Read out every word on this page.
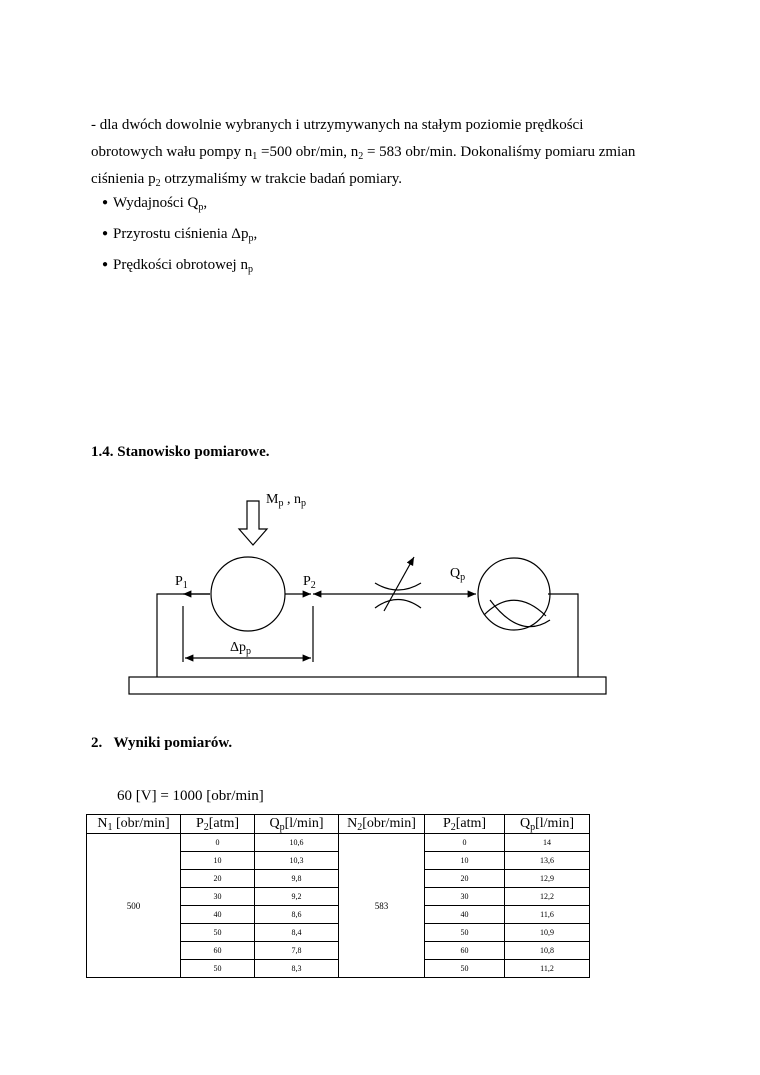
- dla dwóch dowolnie wybranych i utrzymywanych na stałym poziomie prędkości
obrotowych wału pompy $n_1 =500$ obr/min, $n_2 = 583$ obr/min. Dokonaliśmy pomiaru zmian
ciśnienia $p_2$ otrzymaliśmy w trakcie badań pomiary.
● Wydajności $Q_p$,
● Przyrostu ciśnienia $\Delta p_p$,
● Prędkości obrotowej $n_p$
1.4. Stanowisko pomiarowe.
$M_p$ , $n_p$
$P_1$	$P_2$
$Q_p$
$\Delta p_p$
2. Wyniki pomiarów.
60 [V] = 1000 [obr/min]
$N_1$ [obr/min]	$P_2[atm]$	$Q_p[l/\min]$	$N_2[obr/\min]$	$P_2[atm]$	$Q_p[l/\min]$
500	0	10,6	583	0	14
	10	10,3		10	13,6
	20	9,8		20	12,9
	30	9,2		30	12,2
	40	8,6		40	11,6
	50	8,4		50	10,9
	60	7,8		60	10,8
	50	8,3		50	11,2
